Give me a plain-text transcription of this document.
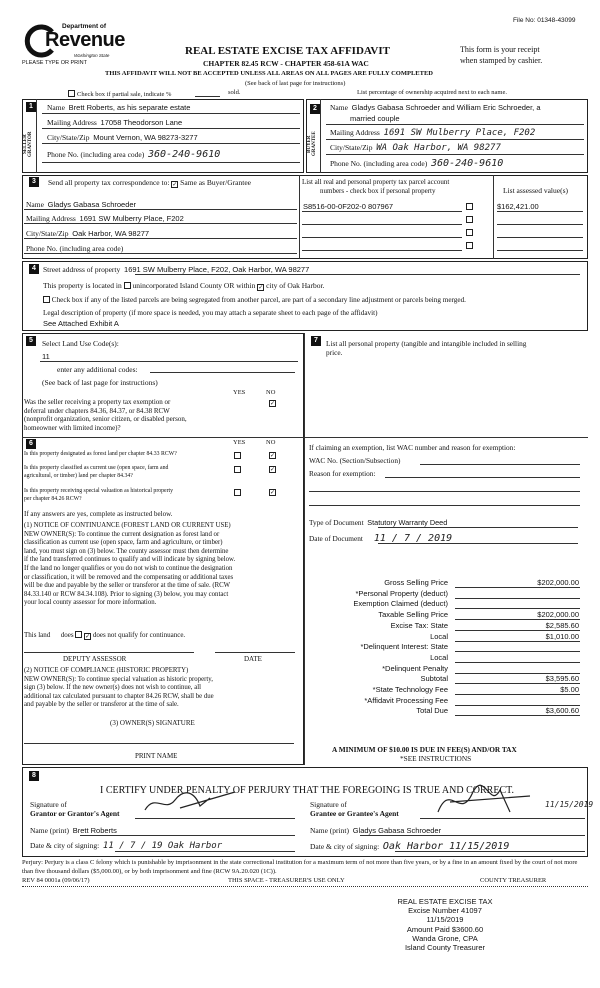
File No: 01348-43099
Department of
Revenue
Washington State
PLEASE TYPE OR PRINT
REAL ESTATE EXCISE TAX AFFIDAVIT
CHAPTER 82.45 RCW - CHAPTER 458-61A WAC
This form is your receipt
when stamped by cashier.
THIS AFFIDAVIT WILL NOT BE ACCEPTED UNLESS ALL AREAS ON ALL PAGES ARE FULLY COMPLETED
(See back of last page for instructions)
Check box if partial sale, indicate %	sold.	List percentage of ownership acquired next to each name.
1
SELLER GRANTOR
Name Brett Roberts, as his separate estate
Mailing Address 17058 Theodorson Lane
City/State/Zip Mount Vernon, WA 98273-3277
Phone No. (including area code) 360-240-9610
2
BUYER GRANTEE
Name Gladys Gabasa Schroeder and William Eric Schroeder, a
married couple
Mailing Address 1691 SW Mulberry Place, F202
City/State/Zip WA Oak Harbor, WA 98277
Phone No. (including area code) 360-240-9610
3	Send all property tax correspondence to: ✓ Same as Buyer/Grantee
Name Gladys Gabasa Schroeder
Mailing Address 1691 SW Mulberry Place, F202
City/State/Zip Oak Harbor, WA 98277
Phone No. (including area code)
List all real and personal property tax parcel account
numbers - check box if personal property	List assessed value(s)
S8516-00-0F202-0 807967	$162,421.00
4 Street address of property 1691 SW Mulberry Place, F202, Oak Harbor, WA 98277
This property is located in unincorporated Island County OR within ✓ city of Oak Harbor.
Check box if any of the listed parcels are being segregated from another parcel, are part of a secondary line adjustment or parcels being merged.
Legal description of property (if more space is needed, you may attach a separate sheet to each page of the affidavit)
See Attached Exhibit A
5	Select Land Use Code(s):
11
enter any additional codes:
(See back of last page for instructions)
YES	NO
Was the seller receiving a property tax exemption or
deferral under chapters 84.36, 84.37, or 84.38 RCW
(nonprofit organization, senior citizen, or disabled person,
homeowner with limited income)?
✓
6	YES	NO
Is this property designated as forest land per chapter 84.33 RCW?	✓
Is this property classified as current use (open space, farm and
agricultural, or timber) land per chapter 84.34?
✓
Is this property receiving special valuation as historical property
per chapter 84.26 RCW?
✓
If any answers are yes, complete as instructed below.
(1) NOTICE OF CONTINUANCE (FOREST LAND OR CURRENT USE)
NEW OWNER(S): To continue the current designation as forest land or
classification as current use (open space, farm and agriculture, or timber)
land, you must sign on (3) below. The county assessor must then determine
if the land transferred continues to qualify and will indicate by signing below.
If the land no longer qualifies or you do not wish to continue the designation
or classification, it will be removed and the compensating or additional taxes
will be due and payable by the seller or transferor at the time of sale. (RCW
84.33.140 or RCW 84.34.108). Prior to signing (3) below, you may contact
your local county assessor for more information.
This land does ✓ does not qualify for continuance.
DEPUTY ASSESSOR	DATE
(2) NOTICE OF COMPLIANCE (HISTORIC PROPERTY)
NEW OWNER(S): To continue special valuation as historic property,
sign (3) below. If the new owner(s) does not wish to continue, all
additional tax calculated pursuant to chapter 84.26 RCW, shall be due
and payable by the seller or transferor at the time of sale.
(3) OWNER(S) SIGNATURE
PRINT NAME
7	List all personal property (tangible and intangible included in selling
price.
If claiming an exemption, list WAC number and reason for exemption:
WAC No. (Section/Subsection)
Reason for exemption:
Type of Document Statutory Warranty Deed
Date of Document 11 / 7 / 2019
Gross Selling Price	$202,000.00
*Personal Property (deduct)
Exemption Claimed (deduct)
Taxable Selling Price	$202,000.00
Excise Tax: State	$2,585.60
Local	$1,010.00
*Delinquent Interest: State
Local
*Delinquent Penalty
Subtotal	$3,595.60
*State Technology Fee	$5.00
*Affidavit Processing Fee
Total Due	$3,600.60
A MINIMUM OF $10.00 IS DUE IN FEE(S) AND/OR TAX
*SEE INSTRUCTIONS
8
I CERTIFY UNDER PENALTY OF PERJURY THAT THE FOREGOING IS TRUE AND CORRECT.
Signature of
Grantor or Grantor's Agent
Signature of
Grantee or Grantee's Agent
11/15/2019
Name (print) Brett Roberts	Name (print) Gladys Gabasa Schroeder
Date & city of signing: 11 / 7 / 19 Oak Harbor	Date & city of signing: Oak Harbor 11/15/2019
Perjury: Perjury is a class C felony which is punishable by imprisonment in the state correctional institution for a maximum term of not more than five years, or by a fine in an amount fixed by the court of not more than five thousand dollars ($5,000.00), or by both imprisonment and fine (RCW 9A.20.020 (1C)).
REV 84 0001a (09/06/17)	THIS SPACE - TREASURER'S USE ONLY	COUNTY TREASURER
REAL ESTATE EXCISE TAX
Excise Number 41097
11/15/2019
Amount Paid $3600.60
Wanda Grone, CPA
Island County Treasurer
